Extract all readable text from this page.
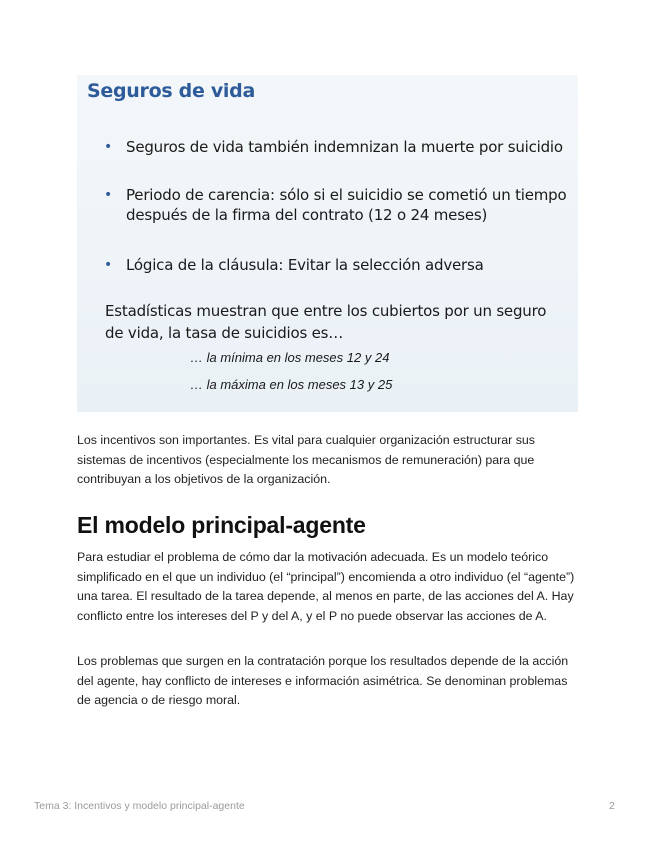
Seguros de vida
• Seguros de vida también indemnizan la muerte por suicidio
• Periodo de carencia: sólo si el suicidio se cometió un tiempo después de la firma del contrato (12 o 24 meses)
• Lógica de la cláusula: Evitar la selección adversa
Estadísticas muestran que entre los cubiertos por un seguro de vida, la tasa de suicidios es…
… la mínima en los meses 12 y 24
… la máxima en los meses 13 y 25

Los incentivos son importantes. Es vital para cualquier organización estructurar sus sistemas de incentivos (especialmente los mecanismos de remuneración) para que contribuyan a los objetivos de la organización.

El modelo principal-agente

Para estudiar el problema de cómo dar la motivación adecuada. Es un modelo teórico simplificado en el que un individuo (el “principal”) encomienda a otro individuo (el “agente”) una tarea. El resultado de la tarea depende, al menos en parte, de las acciones del A. Hay conflicto entre los intereses del P y del A, y el P no puede observar las acciones de A.

Los problemas que surgen en la contratación porque los resultados depende de la acción del agente, hay conflicto de intereses e información asimétrica. Se denominan problemas de agencia o de riesgo moral.

Tema 3: Incentivos y modelo principal-agente	2
